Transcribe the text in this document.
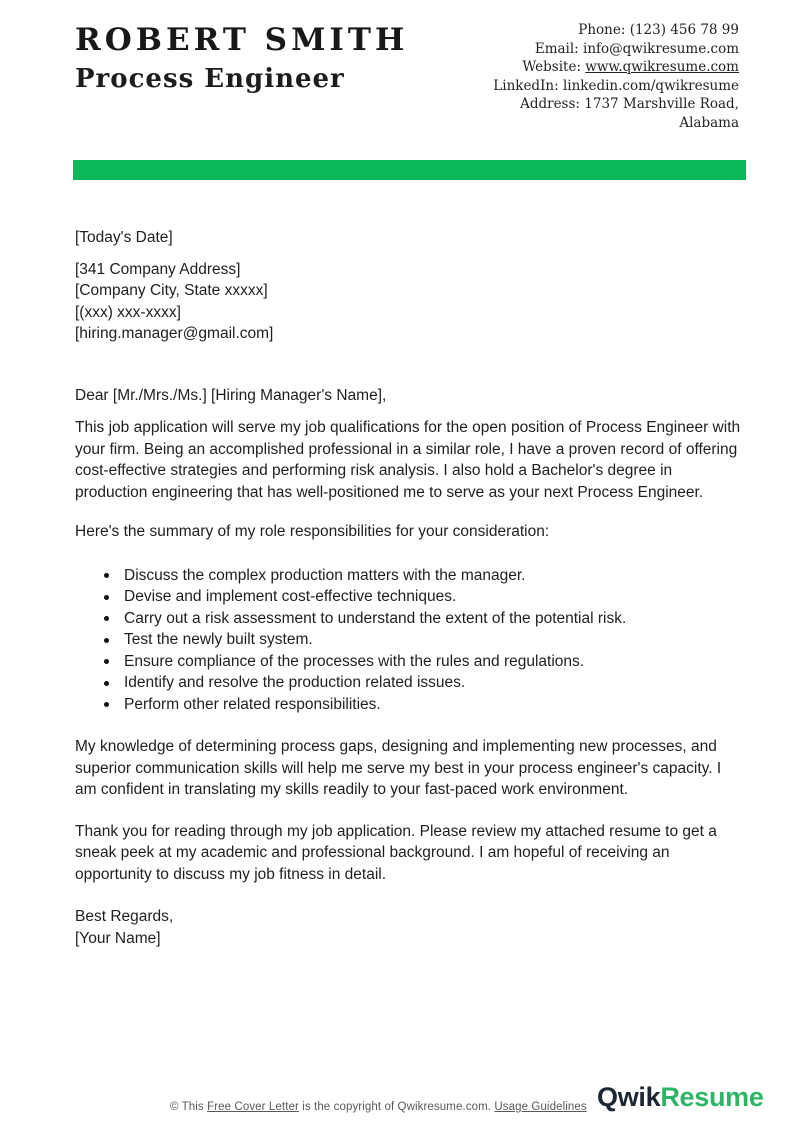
ROBERT SMITH
Process Engineer
Phone: (123) 456 78 99
Email: info@qwikresume.com
Website: www.qwikresume.com
LinkedIn: linkedin.com/qwikresume
Address: 1737 Marshville Road,
Alabama
[Today's Date]
[341 Company Address]
[Company City, State xxxxx]
[(xxx) xxx-xxxx]
[hiring.manager@gmail.com]
Dear [Mr./Mrs./Ms.] [Hiring Manager's Name],

This job application will serve my job qualifications for the open position of Process Engineer with your firm. Being an accomplished professional in a similar role, I have a proven record of offering cost-effective strategies and performing risk analysis. I also hold a Bachelor's degree in production engineering that has well-positioned me to serve as your next Process Engineer.

Here's the summary of my role responsibilities for your consideration:

Discuss the complex production matters with the manager.
Devise and implement cost-effective techniques.
Carry out a risk assessment to understand the extent of the potential risk.
Test the newly built system.
Ensure compliance of the processes with the rules and regulations.
Identify and resolve the production related issues.
Perform other related responsibilities.

My knowledge of determining process gaps, designing and implementing new processes, and superior communication skills will help me serve my best in your process engineer's capacity. I am confident in translating my skills readily to your fast-paced work environment.

Thank you for reading through my job application. Please review my attached resume to get a sneak peek at my academic and professional background. I am hopeful of receiving an opportunity to discuss my job fitness in detail.

Best Regards,
[Your Name]
© This Free Cover Letter is the copyright of Qwikresume.com. Usage Guidelines QwikResume
